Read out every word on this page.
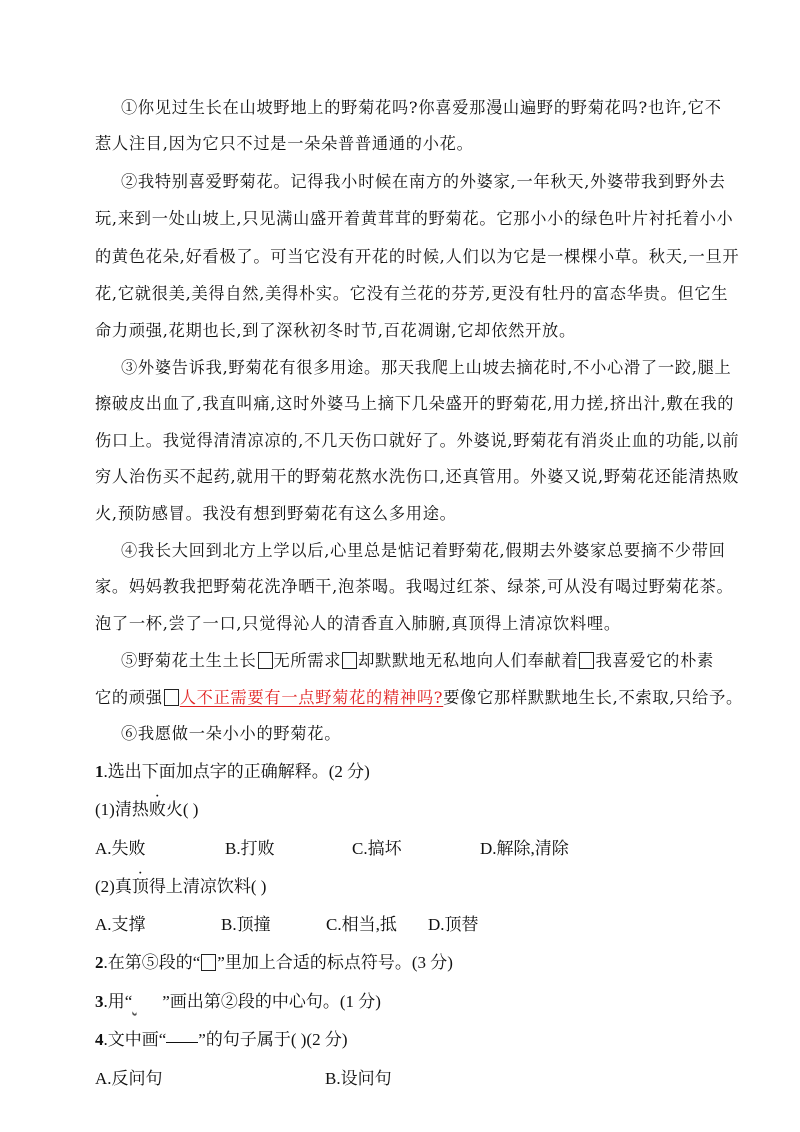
①你见过生长在山坡野地上的野菊花吗?你喜爱那漫山遍野的野菊花吗?也许,它不
惹人注目,因为它只不过是一朵朵普普通通的小花。
②我特别喜爱野菊花。记得我小时候在南方的外婆家,一年秋天,外婆带我到野外去
玩,来到一处山坡上,只见满山盛开着黄茸茸的野菊花。它那小小的绿色叶片衬托着小小
的黄色花朵,好看极了。可当它没有开花的时候,人们以为它是一棵棵小草。秋天,一旦开
花,它就很美,美得自然,美得朴实。它没有兰花的芬芳,更没有牡丹的富态华贵。但它生
命力顽强,花期也长,到了深秋初冬时节,百花凋谢,它却依然开放。
③外婆告诉我,野菊花有很多用途。那天我爬上山坡去摘花时,不小心滑了一跤,腿上
擦破皮出血了,我直叫痛,这时外婆马上摘下几朵盛开的野菊花,用力搓,挤出汁,敷在我的
伤口上。我觉得清清凉凉的,不几天伤口就好了。外婆说,野菊花有消炎止血的功能,以前
穷人治伤买不起药,就用干的野菊花熬水洗伤口,还真管用。外婆又说,野菊花还能清热败
火,预防感冒。我没有想到野菊花有这么多用途。
④我长大回到北方上学以后,心里总是惦记着野菊花,假期去外婆家总要摘不少带回
家。妈妈教我把野菊花洗净晒干,泡茶喝。我喝过红茶、绿茶,可从没有喝过野菊花茶。
泡了一杯,尝了一口,只觉得沁人的清香直入肺腑,真顶得上清凉饮料哩。
⑤野菊花土生土长 无所需求 却默默地无私地向人们奉献着 我喜爱它的朴素
它的顽强 人不正需要有一点野菊花的精神吗?要像它那样默默地生长,不索取,只给予。
⑥我愿做一朵小小的野菊花。
1.选出下面加点字的正确解释。(2 分)
(1)清热败火( )
A.失败	B.打败	C.搞坏	D.解除,清除
(2)真顶得上清凉饮料( )
A.支撑	B.顶撞	C.相当,抵 D.顶替
2.在第⑤段的“ ”里加上合适的标点符号。(3 分)
3.用“ ”画出第②段的中心句。(1 分)
4.文中画“ ”的句子属于( )(2 分)
A.反问句	B.设问句
